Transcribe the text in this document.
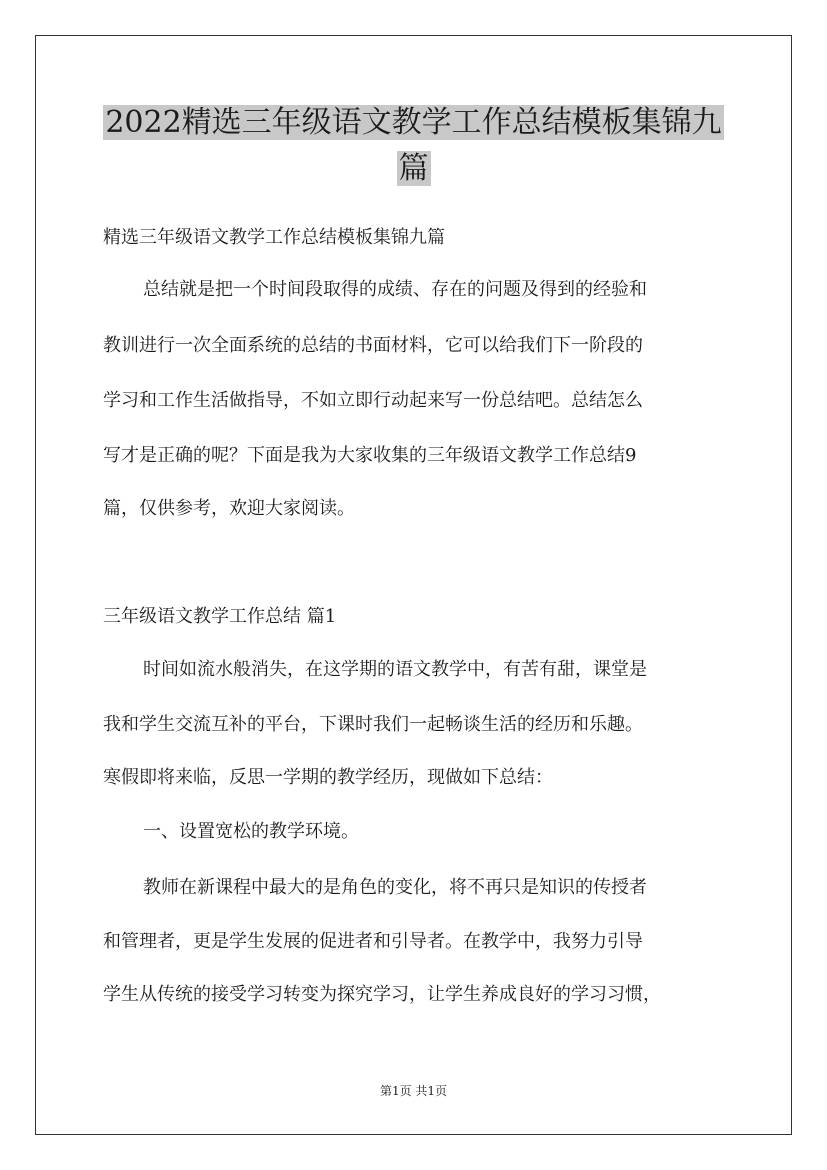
2022精选三年级语文教学工作总结模板集锦九
篇

精选三年级语文教学工作总结模板集锦九篇

总结就是把一个时间段取得的成绩、存在的问题及得到的经验和

教训进行一次全面系统的总结的书面材料，它可以给我们下一阶段的

学习和工作生活做指导，不如立即行动起来写一份总结吧。总结怎么

写才是正确的呢？下面是我为大家收集的三年级语文教学工作总结9

篇，仅供参考，欢迎大家阅读。

三年级语文教学工作总结 篇1

时间如流水般消失，在这学期的语文教学中，有苦有甜，课堂是

我和学生交流互补的平台，下课时我们一起畅谈生活的经历和乐趣。

寒假即将来临，反思一学期的教学经历，现做如下总结：

一、设置宽松的教学环境。

教师在新课程中最大的是角色的变化，将不再只是知识的传授者

和管理者，更是学生发展的促进者和引导者。在教学中，我努力引导

学生从传统的接受学习转变为探究学习，让学生养成良好的学习习惯，

第1页 共1页
